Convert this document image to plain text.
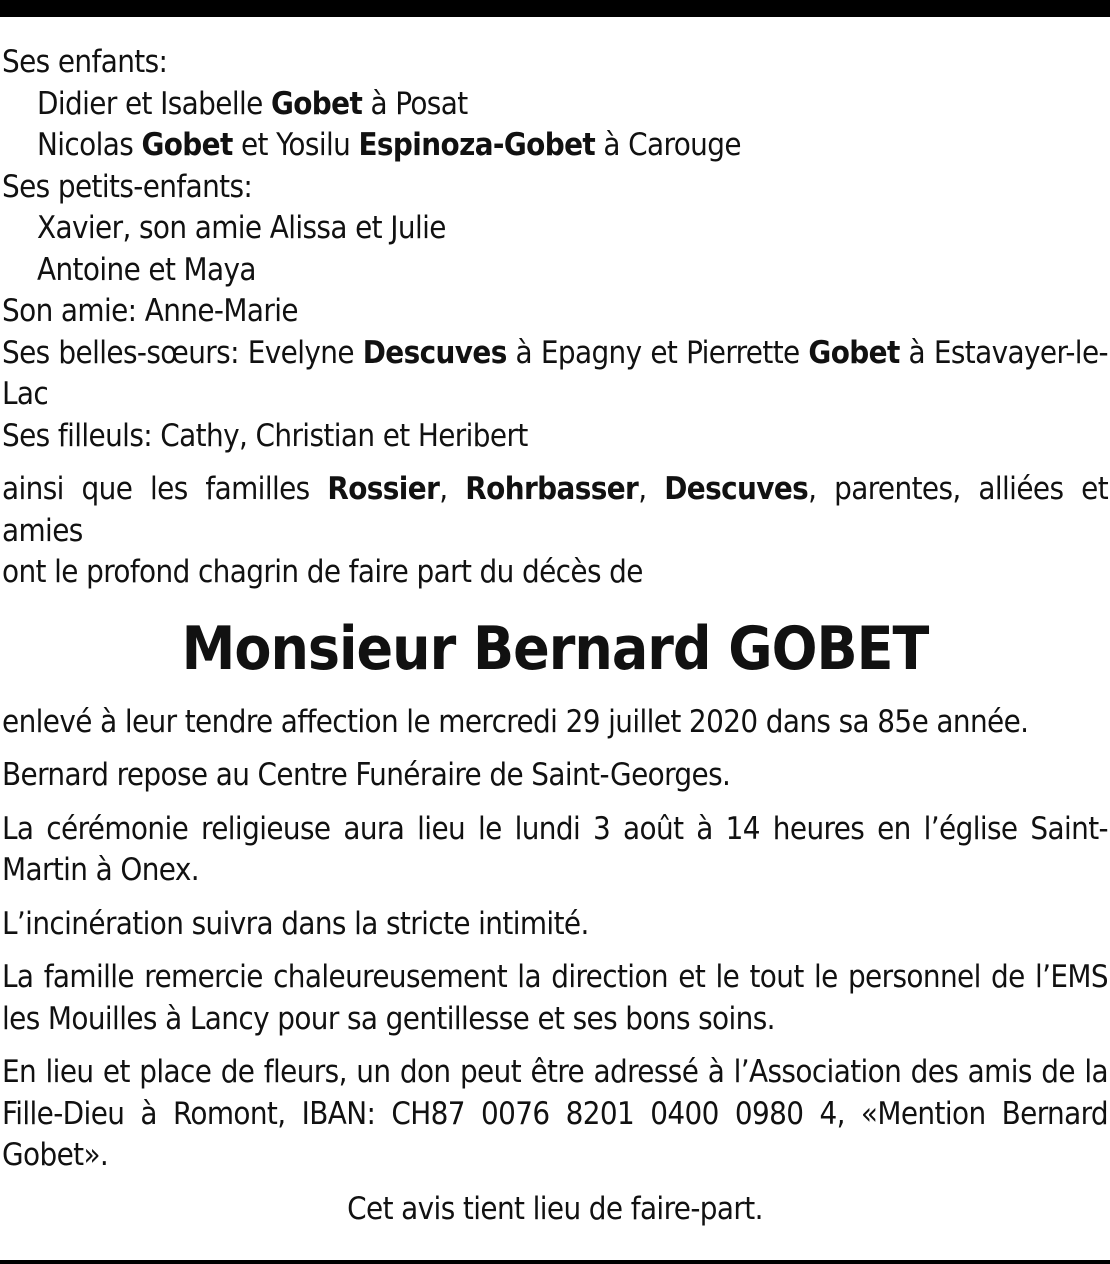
Ses enfants:
Didier et Isabelle Gobet à Posat
Nicolas Gobet et Yosilu Espinoza-Gobet à Carouge
Ses petits-enfants:
Xavier, son amie Alissa et Julie
Antoine et Maya
Son amie: Anne-Marie
Ses belles-sœurs: Evelyne Descuves à Epagny et Pierrette Gobet à Estavayer-le-Lac
Ses filleuls: Cathy, Christian et Heribert
ainsi que les familles Rossier, Rohrbasser, Descuves, parentes, alliées et amies
ont le profond chagrin de faire part du décès de
Monsieur Bernard GOBET
enlevé à leur tendre affection le mercredi 29 juillet 2020 dans sa 85e année.
Bernard repose au Centre Funéraire de Saint-Georges.
La cérémonie religieuse aura lieu le lundi 3 août à 14 heures en l’église Saint-Martin à Onex.
L’incinération suivra dans la stricte intimité.
La famille remercie chaleureusement la direction et le tout le personnel de l’EMS les Mouilles à Lancy pour sa gentillesse et ses bons soins.
En lieu et place de fleurs, un don peut être adressé à l’Association des amis de la Fille-Dieu à Romont, IBAN: CH87 0076 8201 0400 0980 4, «Mention Bernard Gobet».
Cet avis tient lieu de faire-part.
